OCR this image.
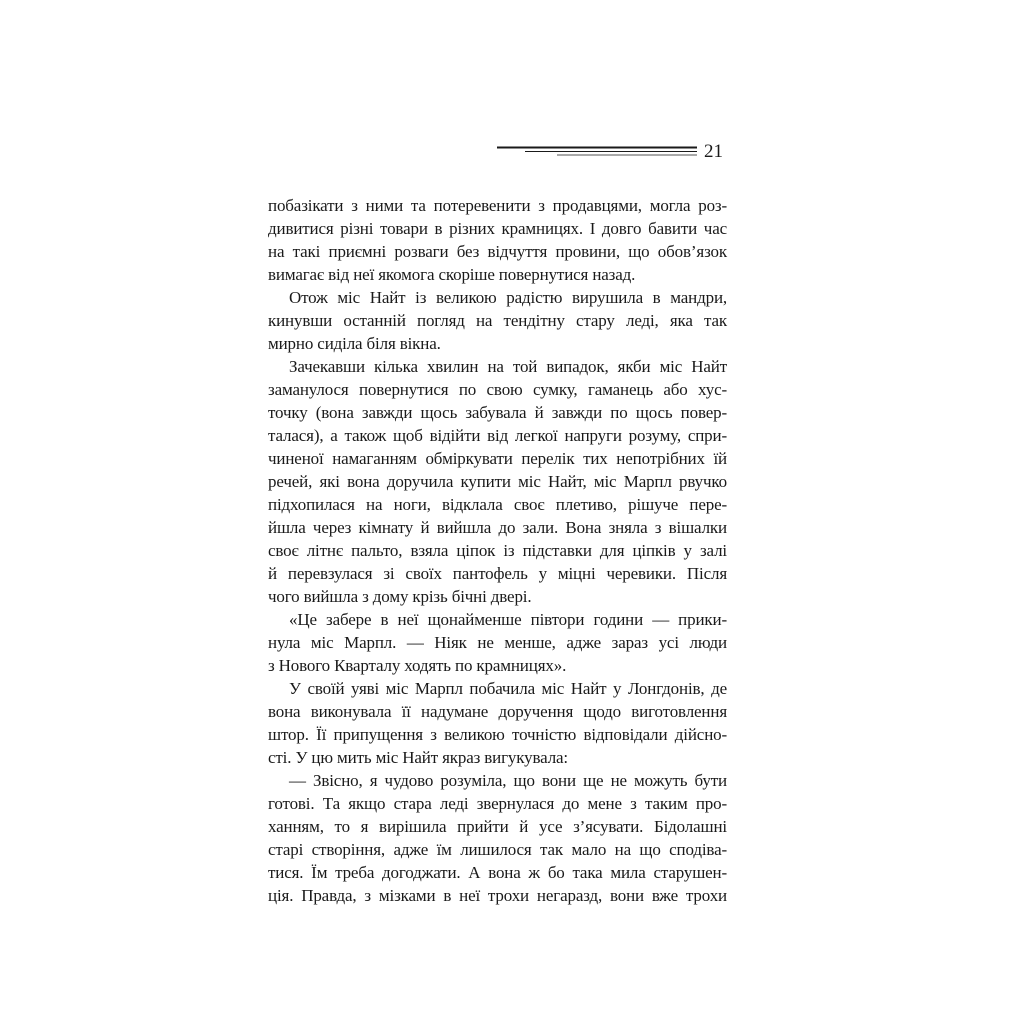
21
побазікати з ними та потеревенити з продавцями, могла роз-
дивитися різні товари в різних крамницях. І довго бавити час
на такі приємні розваги без відчуття провини, що обов’язок
вимагає від неї якомога скоріше повернутися назад.
Отож міс Найт із великою радістю вирушила в мандри,
кинувши останній погляд на тендітну стару леді, яка так
мирно сиділа біля вікна.
Зачекавши кілька хвилин на той випадок, якби міс Найт
заманулося повернутися по свою сумку, гаманець або хус-
точку (вона завжди щось забувала й завжди по щось повер-
талася), а також щоб відійти від легкої напруги розуму, спри-
чиненої намаганням обміркувати перелік тих непотрібних їй
речей, які вона доручила купити міс Найт, міс Марпл рвучко
підхопилася на ноги, відклала своє плетиво, рішуче пере-
йшла через кімнату й вийшла до зали. Вона зняла з вішалки
своє літнє пальто, взяла ціпок із підставки для ціпків у залі
й перевзулася зі своїх пантофель у міцні черевики. Після
чого вийшла з дому крізь бічні двері.
«Це забере в неї щонайменше півтори години — прики-
нула міс Марпл. — Ніяк не менше, адже зараз усі люди
з Нового Кварталу ходять по крамницях».
У своїй уяві міс Марпл побачила міс Найт у Лонгдонів, де
вона виконувала її надумане доручення щодо виготовлення
штор. Її припущення з великою точністю відповідали дійсно-
сті. У цю мить міс Найт якраз вигукувала:
— Звісно, я чудово розуміла, що вони ще не можуть бути
готові. Та якщо стара леді звернулася до мене з таким про-
ханням, то я вирішила прийти й усе з’ясувати. Бідолашні
старі створіння, адже їм лишилося так мало на що сподіва-
тися. Їм треба догоджати. А вона ж бо така мила старушен-
ція. Правда, з мізками в неї трохи негаразд, вони вже трохи
